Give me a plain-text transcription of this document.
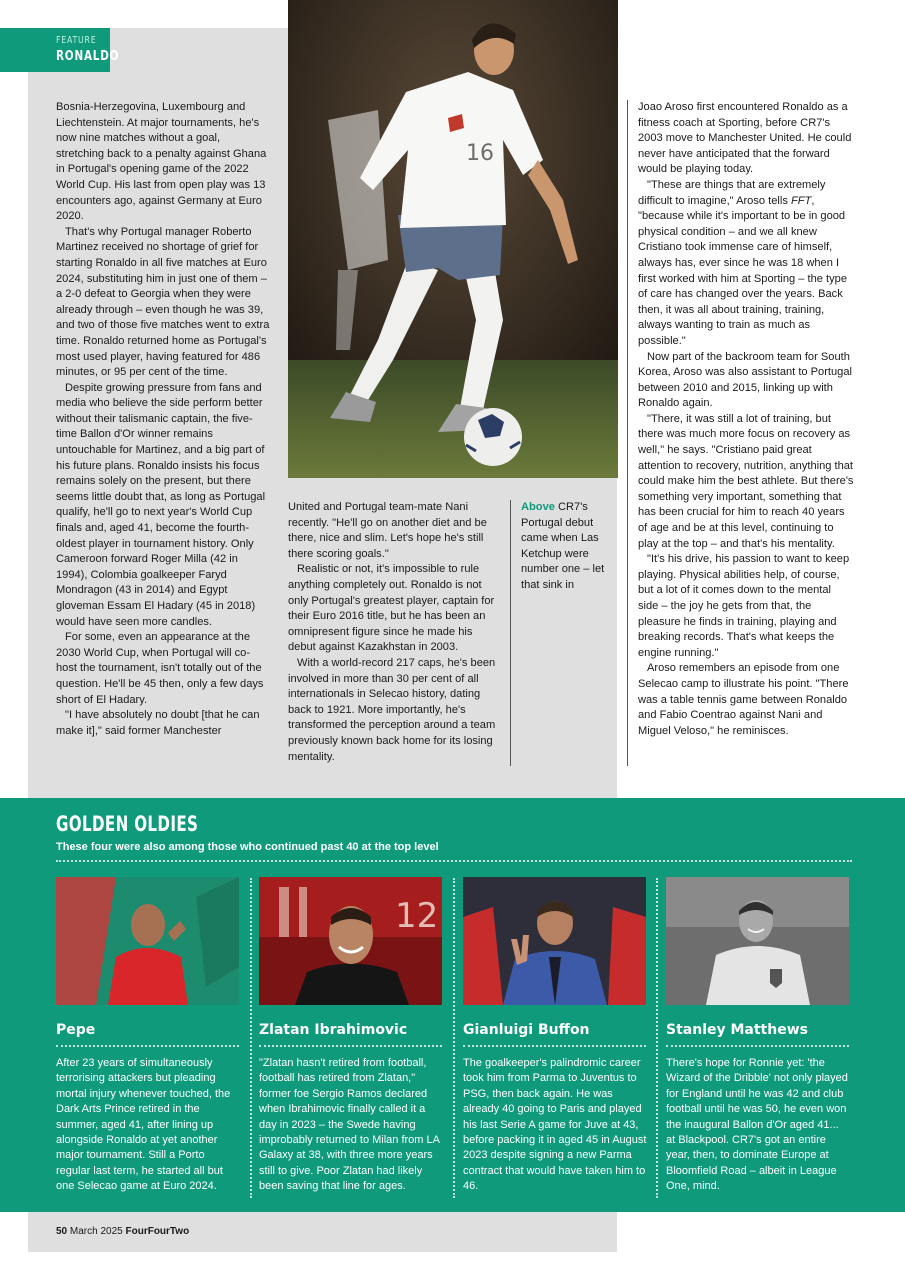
FEATURE
RONALDO
16

Bosnia-Herzegovina, Luxembourg and Liechtenstein. At major tournaments, he's now nine matches without a goal, stretching back to a penalty against Ghana in Portugal's opening game of the 2022 World Cup. His last from open play was 13 encounters ago, against Germany at Euro 2020.

That's why Portugal manager Roberto Martinez received no shortage of grief for starting Ronaldo in all five matches at Euro 2024, substituting him in just one of them – a 2-0 defeat to Georgia when they were already through – even though he was 39, and two of those five matches went to extra time. Ronaldo returned home as Portugal's most used player, having featured for 486 minutes, or 95 per cent of the time.

Despite growing pressure from fans and media who believe the side perform better without their talismanic captain, the five-time Ballon d'Or winner remains untouchable for Martinez, and a big part of his future plans. Ronaldo insists his focus remains solely on the present, but there seems little doubt that, as long as Portugal qualify, he'll go to next year's World Cup finals and, aged 41, become the fourth-oldest player in tournament history. Only Cameroon forward Roger Milla (42 in 1994), Colombia goalkeeper Faryd Mondragon (43 in 2014) and Egypt gloveman Essam El Hadary (45 in 2018) would have seen more candles.

For some, even an appearance at the 2030 World Cup, when Portugal will co-host the tournament, isn't totally out of the question. He'll be 45 then, only a few days short of El Hadary.

"I have absolutely no doubt [that he can make it]," said former Manchester

United and Portugal team-mate Nani recently. "He'll go on another diet and be there, nice and slim. Let's hope he's still there scoring goals."

Realistic or not, it's impossible to rule anything completely out. Ronaldo is not only Portugal's greatest player, captain for their Euro 2016 title, but he has been an omnipresent figure since he made his debut against Kazakhstan in 2003.

With a world-record 217 caps, he's been involved in more than 30 per cent of all internationals in Selecao history, dating back to 1921. More importantly, he's transformed the perception around a team previously known back home for its losing mentality.

Above CR7's Portugal debut came when Las Ketchup were number one – let that sink in

Joao Aroso first encountered Ronaldo as a fitness coach at Sporting, before CR7's 2003 move to Manchester United. He could never have anticipated that the forward would be playing today.

"These are things that are extremely difficult to imagine," Aroso tells FFT, "because while it's important to be in good physical condition – and we all knew Cristiano took immense care of himself, always has, ever since he was 18 when I first worked with him at Sporting – the type of care has changed over the years. Back then, it was all about training, training, always wanting to train as much as possible."

Now part of the backroom team for South Korea, Aroso was also assistant to Portugal between 2010 and 2015, linking up with Ronaldo again.

"There, it was still a lot of training, but there was much more focus on recovery as well," he says. "Cristiano paid great attention to recovery, nutrition, anything that could make him the best athlete. But there's something very important, something that has been crucial for him to reach 40 years of age and be at this level, continuing to play at the top – and that's his mentality.

"It's his drive, his passion to want to keep playing. Physical abilities help, of course, but a lot of it comes down to the mental side – the joy he gets from that, the pleasure he finds in training, playing and breaking records. That's what keeps the engine running."

Aroso remembers an episode from one Selecao camp to illustrate his point. "There was a table tennis game between Ronaldo and Fabio Coentrao against Nani and Miguel Veloso," he reminisces.

GOLDEN OLDIES
These four were also among those who continued past 40 at the top level
12
Pepe	Zlatan Ibrahimovic	Gianluigi Buffon	Stanley Matthews
After 23 years of simultaneously terrorising attackers but pleading mortal injury whenever touched, the Dark Arts Prince retired in the summer, aged 41, after lining up alongside Ronaldo at yet another major tournament. Still a Porto regular last term, he started all but one Selecao game at Euro 2024.
"Zlatan hasn't retired from football, football has retired from Zlatan," former foe Sergio Ramos declared when Ibrahimovic finally called it a day in 2023 – the Swede having improbably returned to Milan from LA Galaxy at 38, with three more years still to give. Poor Zlatan had likely been saving that line for ages.
The goalkeeper's palindromic career took him from Parma to Juventus to PSG, then back again. He was already 40 going to Paris and played his last Serie A game for Juve at 43, before packing it in aged 45 in August 2023 despite signing a new Parma contract that would have taken him to 46.
There's hope for Ronnie yet: 'the Wizard of the Dribble' not only played for England until he was 42 and club football until he was 50, he even won the inaugural Ballon d'Or aged 41... at Blackpool. CR7's got an entire year, then, to dominate Europe at Bloomfield Road – albeit in League One, mind.
50 March 2025 FourFourTwo
